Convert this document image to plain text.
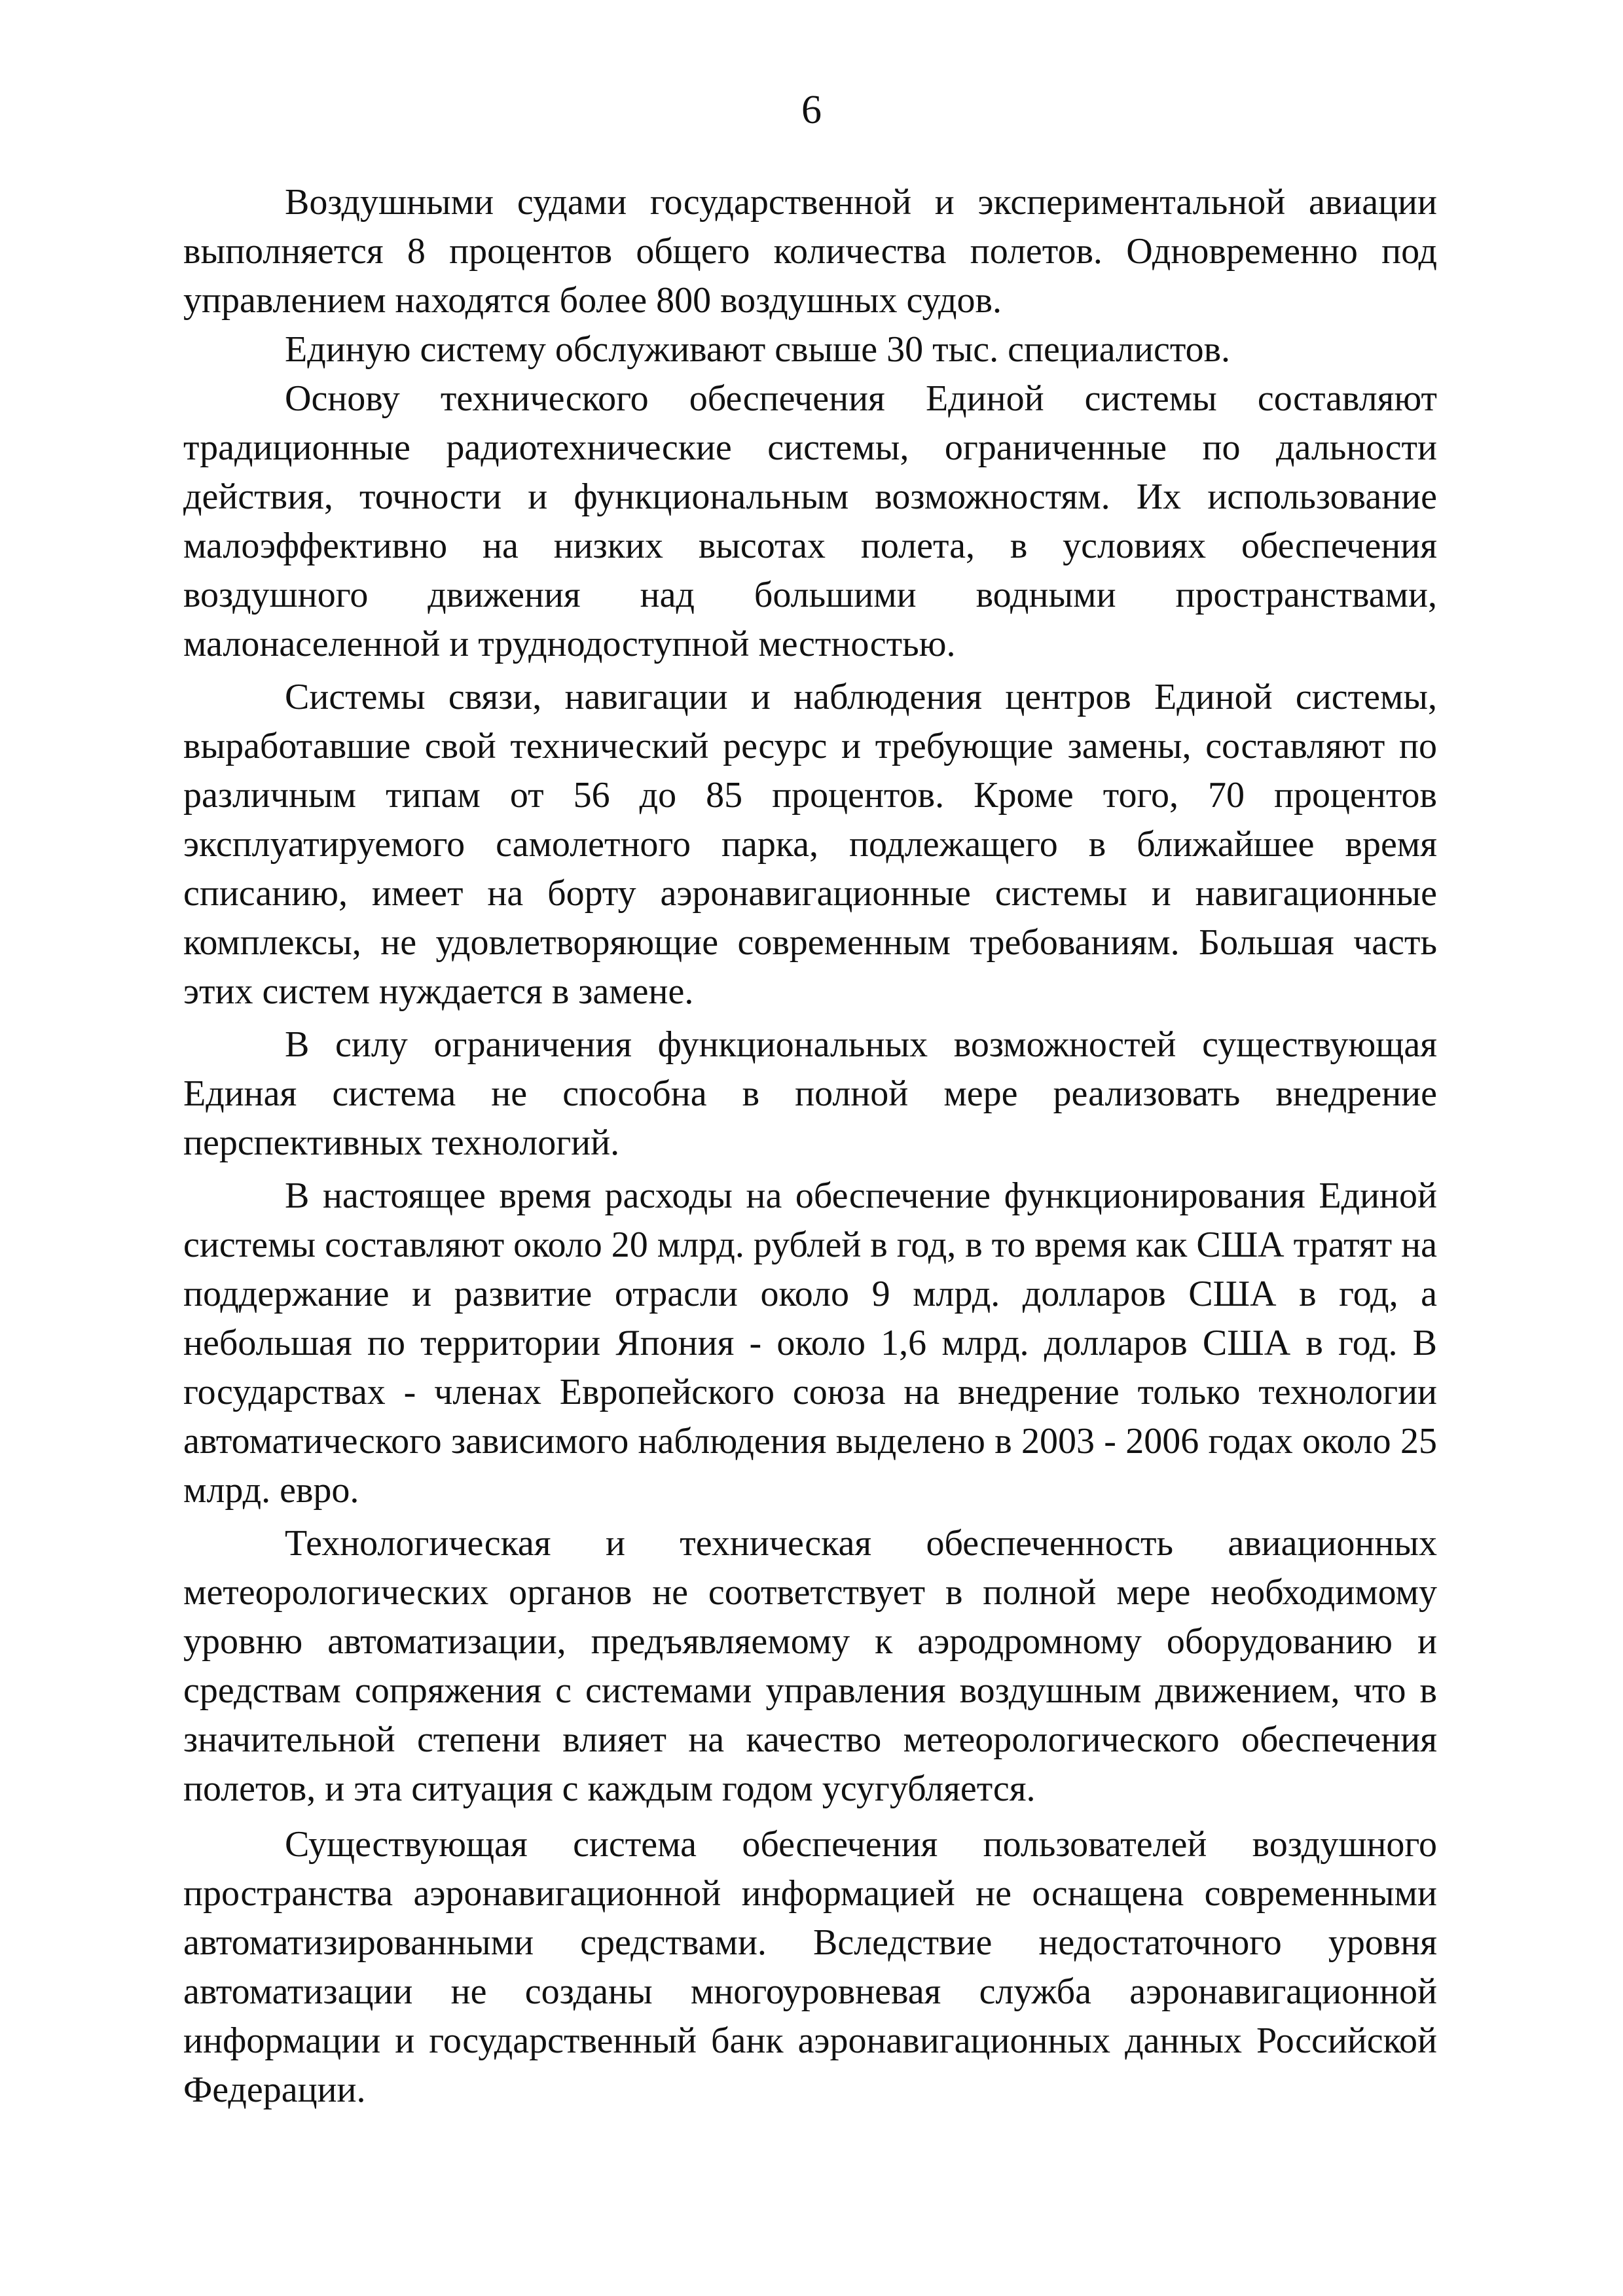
6

Воздушными судами государственной и экспериментальной авиации выполняется 8 процентов общего количества полетов. Одновременно под управлением находятся более 800 воздушных судов.

Единую систему обслуживают свыше 30 тыс. специалистов.

Основу технического обеспечения Единой системы составляют традиционные радиотехнические системы, ограниченные по дальности действия, точности и функциональным возможностям. Их использование малоэффективно на низких высотах полета, в условиях обеспечения воздушного движения над большими водными пространствами, малонаселенной и труднодоступной местностью.

Системы связи, навигации и наблюдения центров Единой системы, выработавшие свой технический ресурс и требующие замены, составляют по различным типам от 56 до 85 процентов. Кроме того, 70 процентов эксплуатируемого самолетного парка, подлежащего в ближайшее время списанию, имеет на борту аэронавигационные системы и навигационные комплексы, не удовлетворяющие современным требованиям. Большая часть этих систем нуждается в замене.

В силу ограничения функциональных возможностей существующая Единая система не способна в полной мере реализовать внедрение перспективных технологий.

В настоящее время расходы на обеспечение функционирования Единой системы составляют около 20 млрд. рублей в год, в то время как США тратят на поддержание и развитие отрасли около 9 млрд. долларов США в год, а небольшая по территории Япония - около 1,6 млрд. долларов США в год. В государствах - членах Европейского союза на внедрение только технологии автоматического зависимого наблюдения выделено в 2003 - 2006 годах около 25 млрд. евро.

Технологическая и техническая обеспеченность авиационных метеорологических органов не соответствует в полной мере необходимому уровню автоматизации, предъявляемому к аэродромному оборудованию и средствам сопряжения с системами управления воздушным движением, что в значительной степени влияет на качество метеорологического обеспечения полетов, и эта ситуация с каждым годом усугубляется.

Существующая система обеспечения пользователей воздушного пространства аэронавигационной информацией не оснащена современными автоматизированными средствами. Вследствие недостаточного уровня автоматизации не созданы многоуровневая служба аэронавигационной информации и государственный банк аэронавигационных данных Российской Федерации.
